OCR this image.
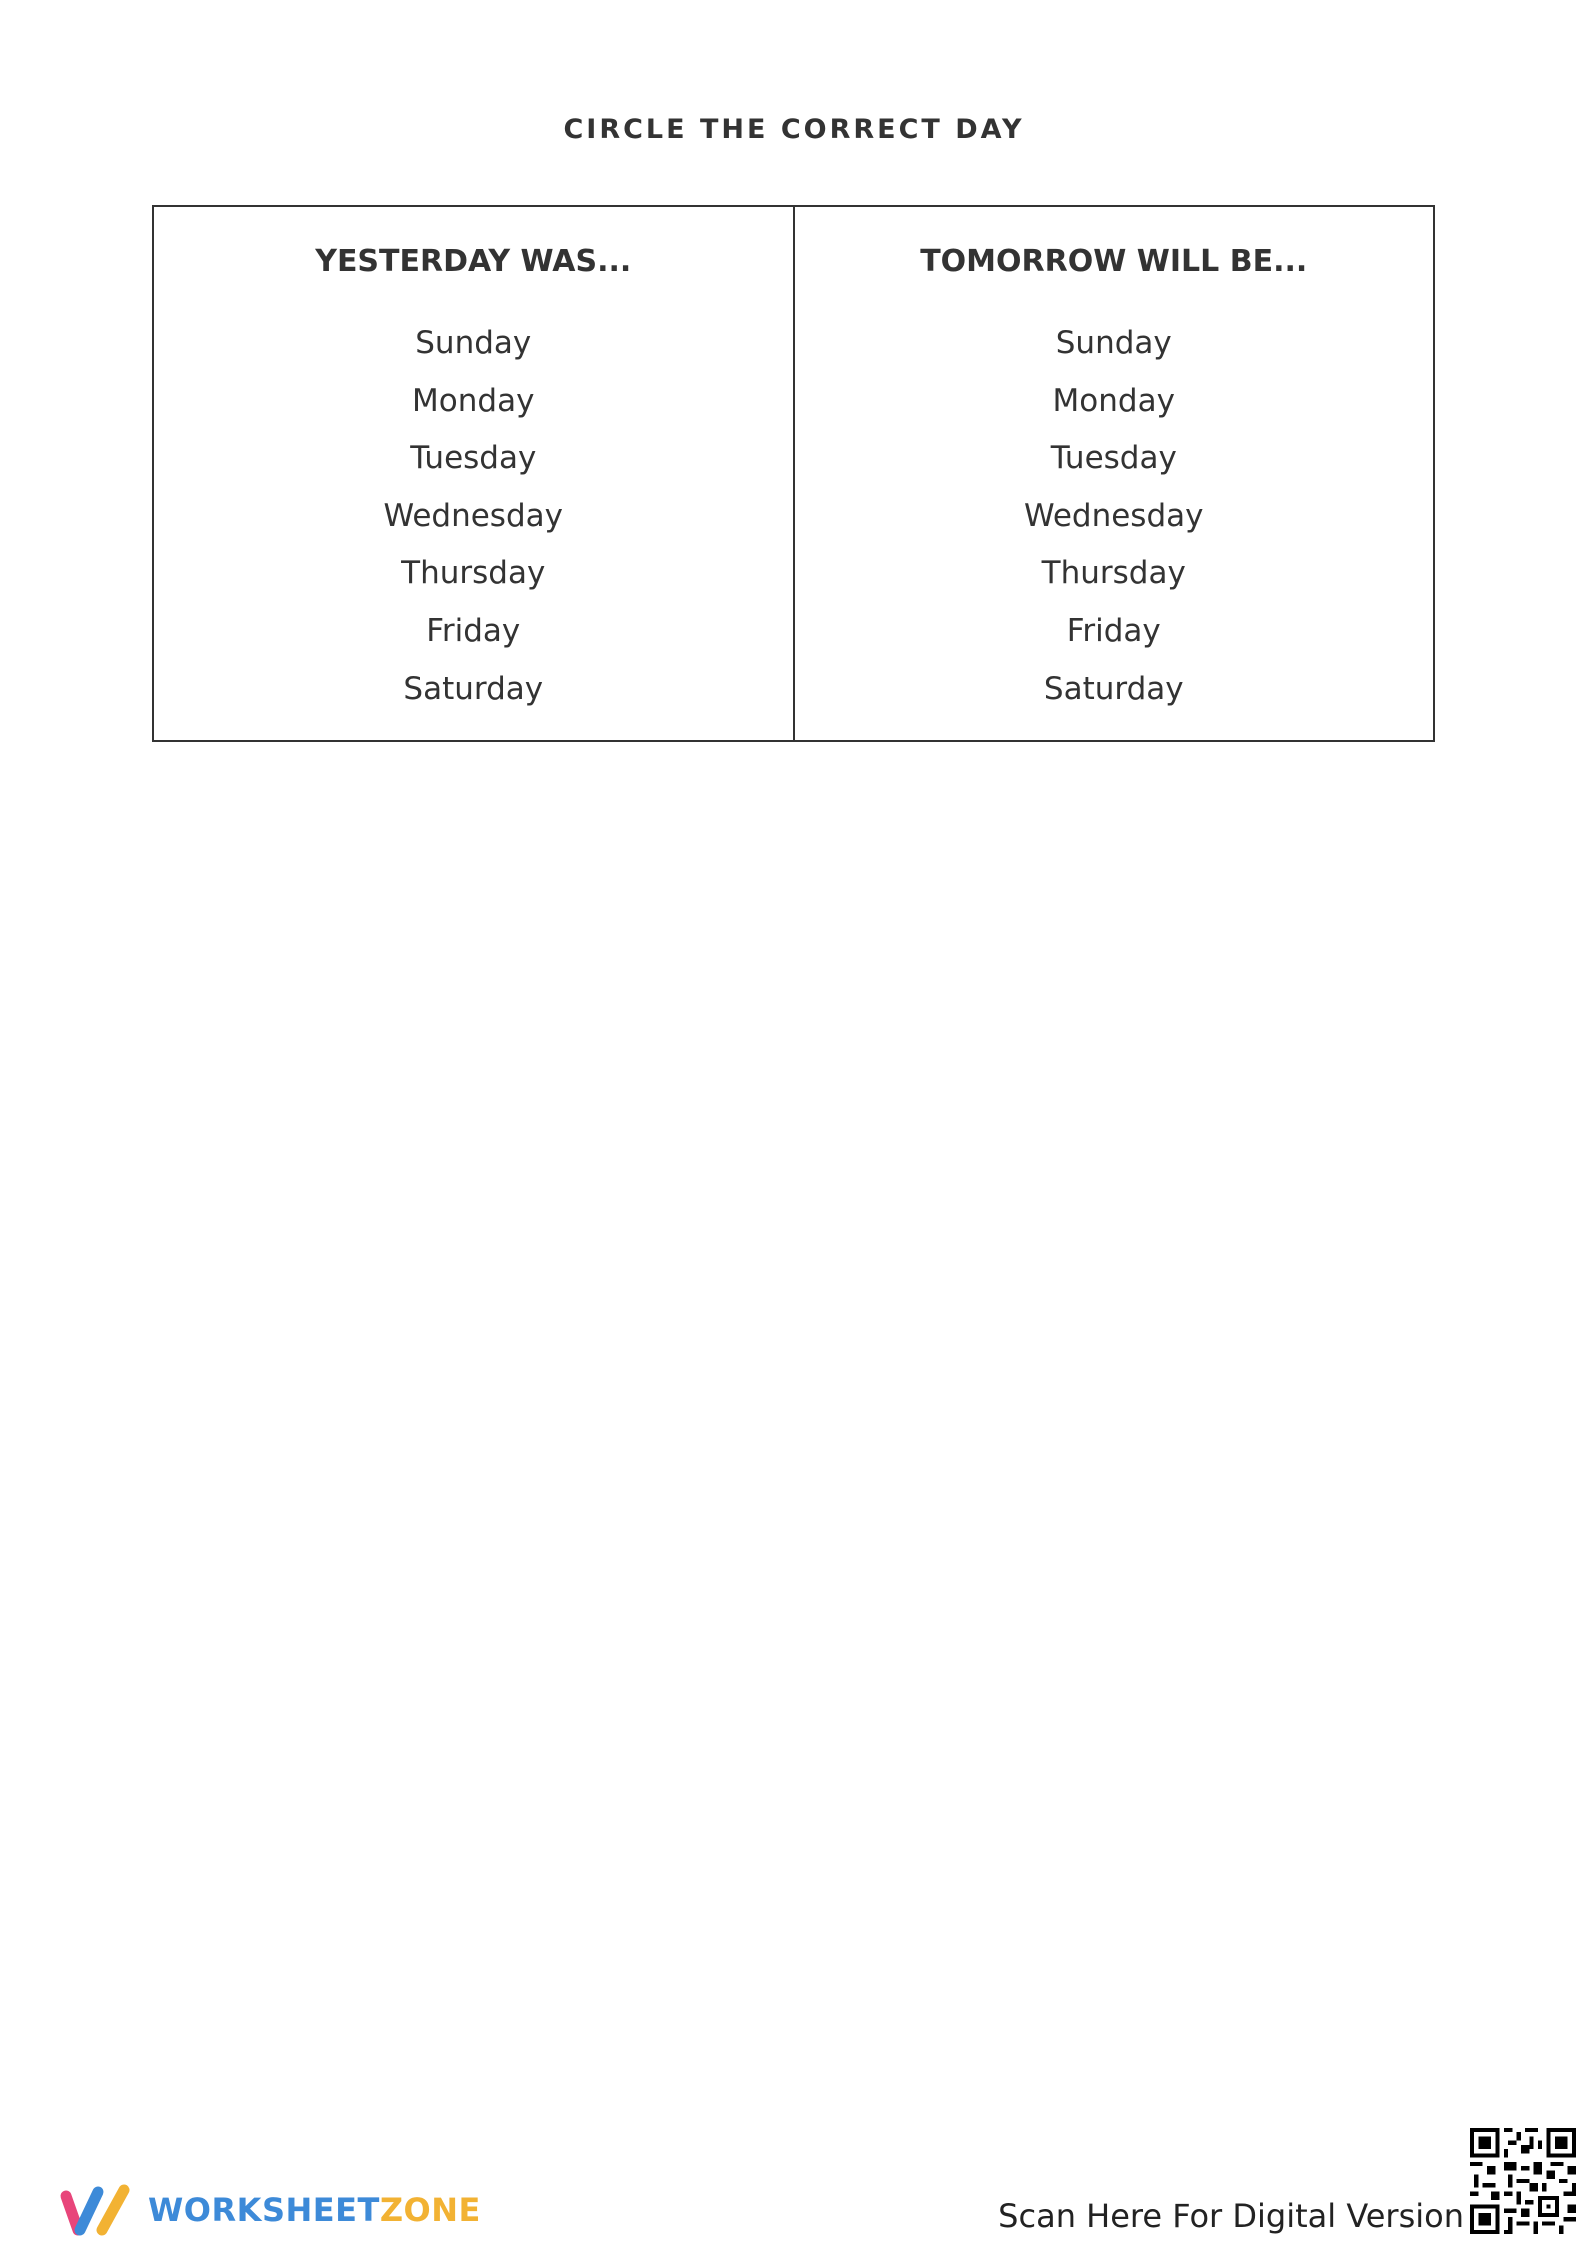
CIRCLE THE CORRECT DAY
YESTERDAY WAS...
Sunday
Monday
Tuesday
Wednesday
Thursday
Friday
Saturday
TOMORROW WILL BE...
Sunday
Monday
Tuesday
Wednesday
Thursday
Friday
Saturday
WORKSHEETZONE	Scan Here For Digital Version
